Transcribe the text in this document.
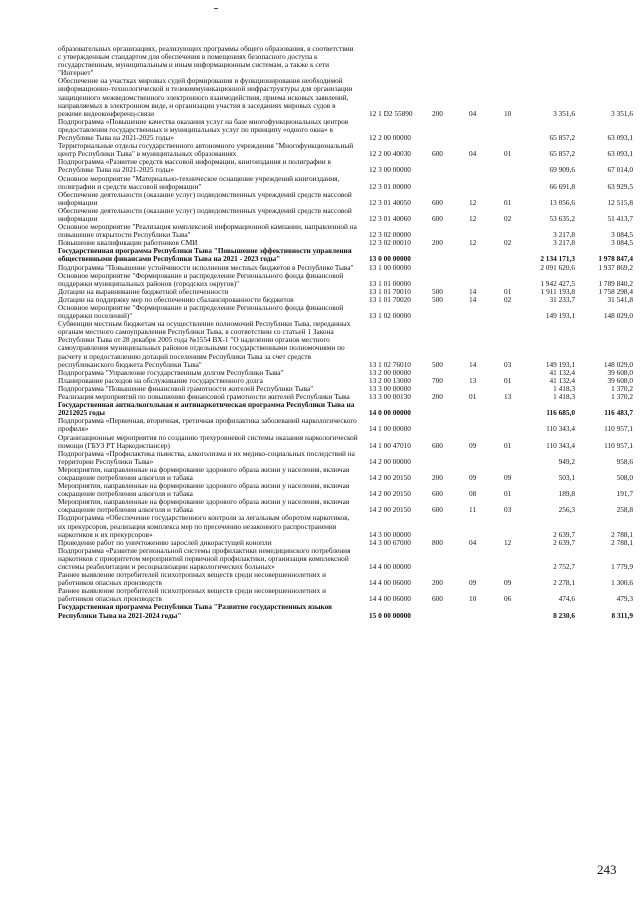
образовательных организациях, реализующих программы общего образования, в соответствии с утвержденным стандартом для обеспечения в помещениях безопасного доступа к государственным, муниципальным и иным информационным системам, а также к сети "Интернет"
Обеспечение на участках мировых судей формирования и функционирования необходимой информационно-технологической и телекоммуникационной инфраструктуры для организации защищенного межведомственного электронного взаимодействия, приема исковых заявлений, направляемых в электронном виде, и организации участия в заседаниях мировых судов в режиме видеоконференц-связи	12 1 D2 55890	200	04	10	3 351,6	3 351,6
Подпрограмма «Повышение качества оказания услуг на базе многофункциональных центров предоставления государственных и муниципальных услуг по принципу «одного окна» в Республике Тыва на 2021-2025 годы»	12 2 00 00000	65 857,2	63 093,1
Территориальные отделы государственного автономного учреждения "Многофункциональный центр Республики Тыва" в муниципальных образованиях	12 2 00 40030	600	04	01	65 857,2	63 093,1
Подпрограмма «Развитие средств массовой информации, книгоиздания и полиграфии в Республике Тыва на 2021-2025 годы»	12 3 00 00000	69 909,6	67 014,0
Основное мероприятие "Материально-техническое оснащение учреждений книгоиздания, полиграфии и средств массовой информации"	12 3 01 00000	66 691,8	63 929,5
Обеспечение деятельности (оказание услуг) подведомственных учреждений средств массовой информации	12 3 01 40050	600	12	01	13 056,6	12 515,8
Обеспечение деятельности (оказание услуг) подведомственных учреждений средств массовой информации	12 3 01 40060	600	12	02	53 635,2	51 413,7
Основное мероприятие "Реализация комплексной информационной кампании, направленной на повышение открытости Республики Тыва"	12 3 02 00000	3 217,8	3 084,5
Повышение квалификации работников СМИ	12 3 02 00010	200	12	02	3 217,8	3 084,5
Государственная программа Республики Тыва "Повышение эффективности управления общественными финансами Республики Тыва на 2021 - 2023 годы"	13 0 00 00000	2 134 171,3	1 978 847,4
Подпрограмма "Повышение устойчивости исполнения местных бюджетов в Республике Тыва"	13 1 00 00000	2 091 620,6	1 937 869,2
Основное мероприятие "Формирование и распределение Регионального фонда финансовой поддержки муниципальных районов (городских округов)"	13 1 01 00000	1 942 427,5	1 789 840,2
Дотации на выравнивание бюджетной обеспеченности	13 1 01 70010	500	14	01	1 911 193,8	1 758 298,4
Дотации на поддержку мер по обеспечению сбалансированности бюджетов	13 1 01 70020	500	14	02	31 233,7	31 541,8
Основное мероприятие "Формирование и распределение Регионального фонда финансовой поддержки поселений)"	13 1 02 00000	149 193,1	148 029,0
Субвенции местным бюджетам на осуществление полномочий Республики Тыва, переданных органам местного самоуправления Республики Тыва, в соответствии со статьей 1 Закона Республики Тыва от 28 декабря 2005 года №1554 ВХ-1 "О наделении органов местного самоуправления муниципальных районов отдельными государственными полномочиями по расчету и предоставлению дотаций поселениям Республики Тыва за счет средств республиканского бюджета Республики Тыва"	13 1 02 76010	500	14	03	149 193,1	148 029,0
Подпрограмма "Управление государственным долгом Республики Тыва"	13 2 00 00000	41 132,4	39 608,0
Планирование расходов на обслуживание государственного долга	13 2 00 13000	700	13	01	41 132,4	39 608,0
Подпрограмма "Повышение финансовой грамотности жителей Республики Тыва"	13 3 00 00000	1 418,3	1 370,2
Реализация мероприятий по повышению финансовой грамотности жителей Республики Тыва	13 3 00 00130	200	01	13	1 418,3	1 370,2
Государственная антиалкогольная и антинаркотическая программа Республики Тыва на 20212025 годы	14 0 00 00000	116 685,0	116 483,7
Подпрограмма «Первичная, вторичная, третичная профилактика заболеваний наркологического профиля»	14 1 00 00000	110 343,4	110 957,1
Организационные мероприятия по созданию трехуровневой системы оказания наркологической помощи (ГБУЗ РТ Наркодиспансер)	14 1 00 47010	600	09	01	110 343,4	110 957,1
Подпрограмма «Профилактика пьянства, алкоголизма и их медико-социальных последствий на территории Республики Тыва»	14 2 00 00000	949,2	958,6
Мероприятия, направленные на формирование здорового образа жизни у населения, включая сокращение потребления алкоголя и табака	14 2 00 20150	200	09	09	503,1	508,0
Мероприятия, направленные на формирование здорового образа жизни у населения, включая сокращение потребления алкоголя и табака	14 2 00 20150	600	08	01	189,8	191,7
Мероприятия, направленные на формирование здорового образа жизни у населения, включая сокращение потребления алкоголя и табака	14 2 00 20150	600	11	03	256,3	258,8
Подпрограмма «Обеспечение государственного контроля за легальным оборотом наркотиков, их прекурсоров, реализация комплекса мер по пресечению незаконного распространения наркотиков и их прекурсоров»	14 3 00 00000	2 639,7	2 788,1
Проведение работ по уничтожению зарослей дикорастущей конопли	14 3 00 67000	800	04	12	2 639,7	2 788,1
Подпрограмма «Развитие региональной системы профилактики немедицинского потребления наркотиков с приоритетом мероприятий первичной профилактики, организация комплексной системы реабилитации и ресоциализации наркологических больных»	14 4 00 00000	2 752,7	1 779,9
Раннее выявление потребителей психотропных веществ среди несовершеннолетних и работников опасных производств	14 4 00 06000	200	09	09	2 278,1	1 300,6
Раннее выявление потребителей психотропных веществ среди несовершеннолетних и работников опасных производств	14 4 00 06000	600	10	06	474,6	479,3
Государственная программа Республики Тыва "Развитие государственных языков Республики Тыва на 2021-2024 годы"	15 0 00 00000	8 230,6	8 311,9
243
